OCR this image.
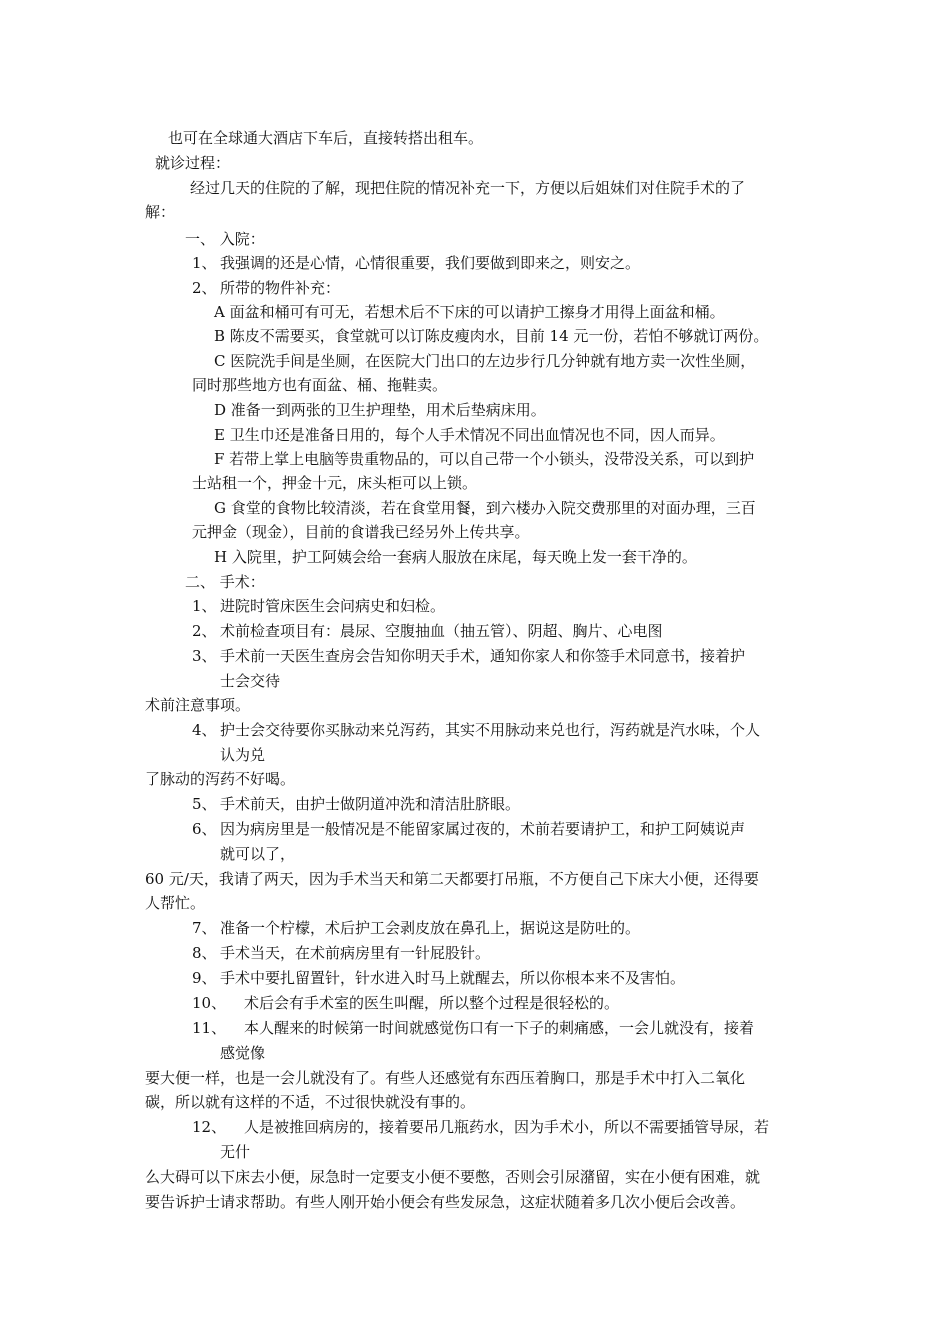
也可在全球通大酒店下车后，直接转搭出租车。
就诊过程：
经过几天的住院的了解，现把住院的情况补充一下，方便以后姐妹们对住院手术的了
解：
一、 入院：
1、 我强调的还是心情，心情很重要，我们要做到即来之，则安之。
2、 所带的物件补充：
A 面盆和桶可有可无，若想术后不下床的可以请护工擦身才用得上面盆和桶。
B 陈皮不需要买，食堂就可以订陈皮瘦肉水，目前 14 元一份，若怕不够就订两份。
C 医院洗手间是坐厕，在医院大门出口的左边步行几分钟就有地方卖一次性坐厕，
同时那些地方也有面盆、桶、拖鞋卖。
D 准备一到两张的卫生护理垫，用术后垫病床用。
E 卫生巾还是准备日用的，每个人手术情况不同出血情况也不同，因人而异。
F 若带上掌上电脑等贵重物品的，可以自己带一个小锁头，没带没关系，可以到护
士站租一个，押金十元，床头柜可以上锁。
G 食堂的食物比较清淡，若在食堂用餐，到六楼办入院交费那里的对面办理，三百
元押金（现金），目前的食谱我已经另外上传共享。
H 入院里，护工阿姨会给一套病人服放在床尾，每天晚上发一套干净的。
二、 手术：
1、 进院时管床医生会问病史和妇检。
2、 术前检查项目有：晨尿、空腹抽血（抽五管）、阴超、胸片、心电图
3、 手术前一天医生查房会告知你明天手术，通知你家人和你签手术同意书，接着护
士会交待
术前注意事项。
4、 护士会交待要你买脉动来兑泻药，其实不用脉动来兑也行，泻药就是汽水味，个人
认为兑
了脉动的泻药不好喝。
5、 手术前天，由护士做阴道冲洗和清洁肚脐眼。
6、 因为病房里是一般情况是不能留家属过夜的，术前若要请护工，和护工阿姨说声
就可以了，
60 元/天，我请了两天，因为手术当天和第二天都要打吊瓶，不方便自己下床大小便，还得要
人帮忙。
7、 准备一个柠檬，术后护工会剥皮放在鼻孔上，据说这是防吐的。
8、 手术当天，在术前病房里有一针屁股针。
9、 手术中要扎留置针，针水进入时马上就醒去，所以你根本来不及害怕。
10、 术后会有手术室的医生叫醒，所以整个过程是很轻松的。
11、 本人醒来的时候第一时间就感觉伤口有一下子的刺痛感，一会儿就没有，接着
感觉像
要大便一样，也是一会儿就没有了。有些人还感觉有东西压着胸口，那是手术中打入二氧化
碳，所以就有这样的不适，不过很快就没有事的。
12、 人是被推回病房的，接着要吊几瓶药水，因为手术小，所以不需要插管导尿，若
无什
么大碍可以下床去小便，尿急时一定要支小便不要憋，否则会引尿潴留，实在小便有困难，就
要告诉护士请求帮助。有些人刚开始小便会有些发尿急，这症状随着多几次小便后会改善。
